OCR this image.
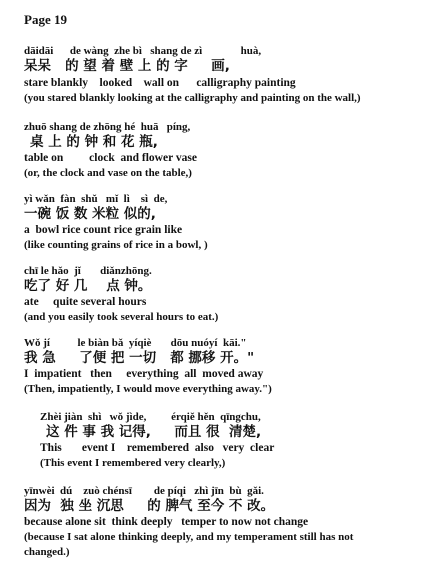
Page 19
dāidāi      de wàng  zhe bì   shang de zì              huà,
呆呆   的 望 着 壁 上 的 字     画,
stare blankly    looked    wall on      calligraphy painting
(you stared blankly looking at the calligraphy and painting on the wall,)
zhuō shang de zhōng hé  huā   píng,
桌 上 的 钟 和 花 瓶,
table on         clock  and flower vase
(or, the clock and vase on the table,)
yì wǎn  fàn  shǔ   mǐ  lì    sì  de,
一碗 饭 数 米粒 似的,
a  bowl rice count rice grain like
(like counting grains of rice in a bowl, )
chī le hǎo  jǐ       diǎnzhōng.
吃了 好 几    点 钟。
ate     quite several hours
(and you easily took several hours to eat.)
Wǒ jí          le biàn bǎ  yíqiè       dōu nuóyí  kāi."
我 急     了便 把 一切   都 挪移 开。"
I  impatient   then     everything  all  moved away
(Then, impatiently, I would move everything away.")
Zhèi jiàn  shì   wǒ jìde,         érqiě hěn  qīngchu,
这 件 事 我 记得,     而且 很  清楚,
This       event I    remembered  also   very  clear
(This event I remembered very clearly,)
yīnwèi  dú    zuò chénsī        de píqi   zhì jīn  bù  gǎi.
因为  独 坐 沉思     的 脾气 至今 不 改。
because alone sit  think deeply   temper to now not change
(because I sat alone thinking deeply, and my temperament still has not
changed.)
